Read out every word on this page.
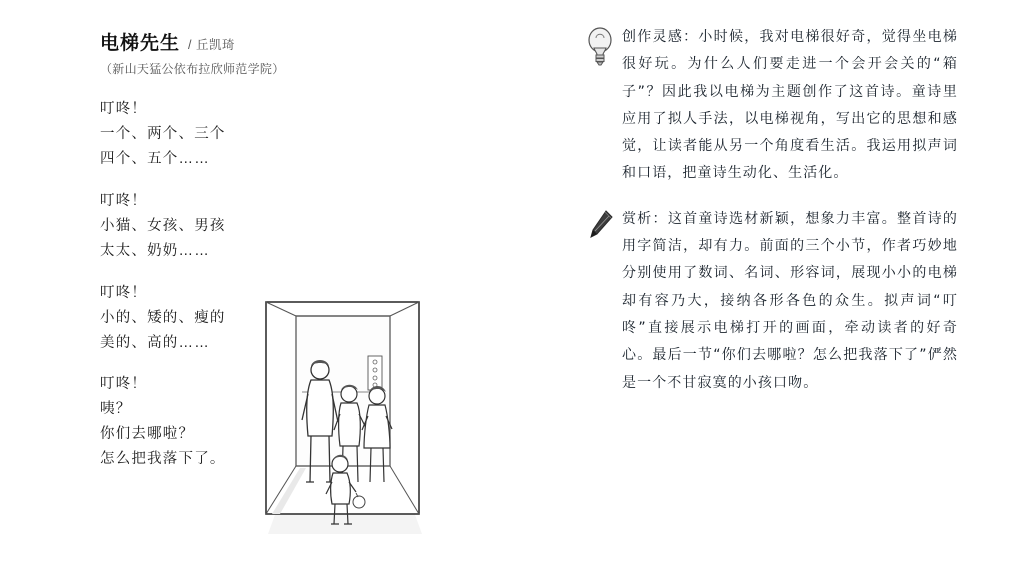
电梯先生 / 丘凯琦
（新山天猛公依布拉欣师范学院）
叮咚！
一个、两个、三个
四个、五个……
叮咚！
小猫、女孩、男孩
太太、奶奶……
叮咚！
小的、矮的、瘦的
美的、高的……
叮咚！
咦？
你们去哪啦？
怎么把我落下了。
创作灵感：小时候，我对电梯很好奇，觉得坐电梯很好玩。为什么人们要走进一个会开会关的“箱子”？因此我以电梯为主题创作了这首诗。童诗里应用了拟人手法，以电梯视角，写出它的思想和感觉，让读者能从另一个角度看生活。我运用拟声词和口语，把童诗生动化、生活化。
赏析：这首童诗选材新颖，想象力丰富。整首诗的用字简洁，却有力。前面的三个小节，作者巧妙地分别使用了数词、名词、形容词，展现小小的电梯却有容乃大，接纳各形各色的众生。拟声词“叮咚”直接展示电梯打开的画面，牵动读者的好奇心。最后一节“你们去哪啦？怎么把我落下了”俨然是一个不甘寂寞的小孩口吻。
